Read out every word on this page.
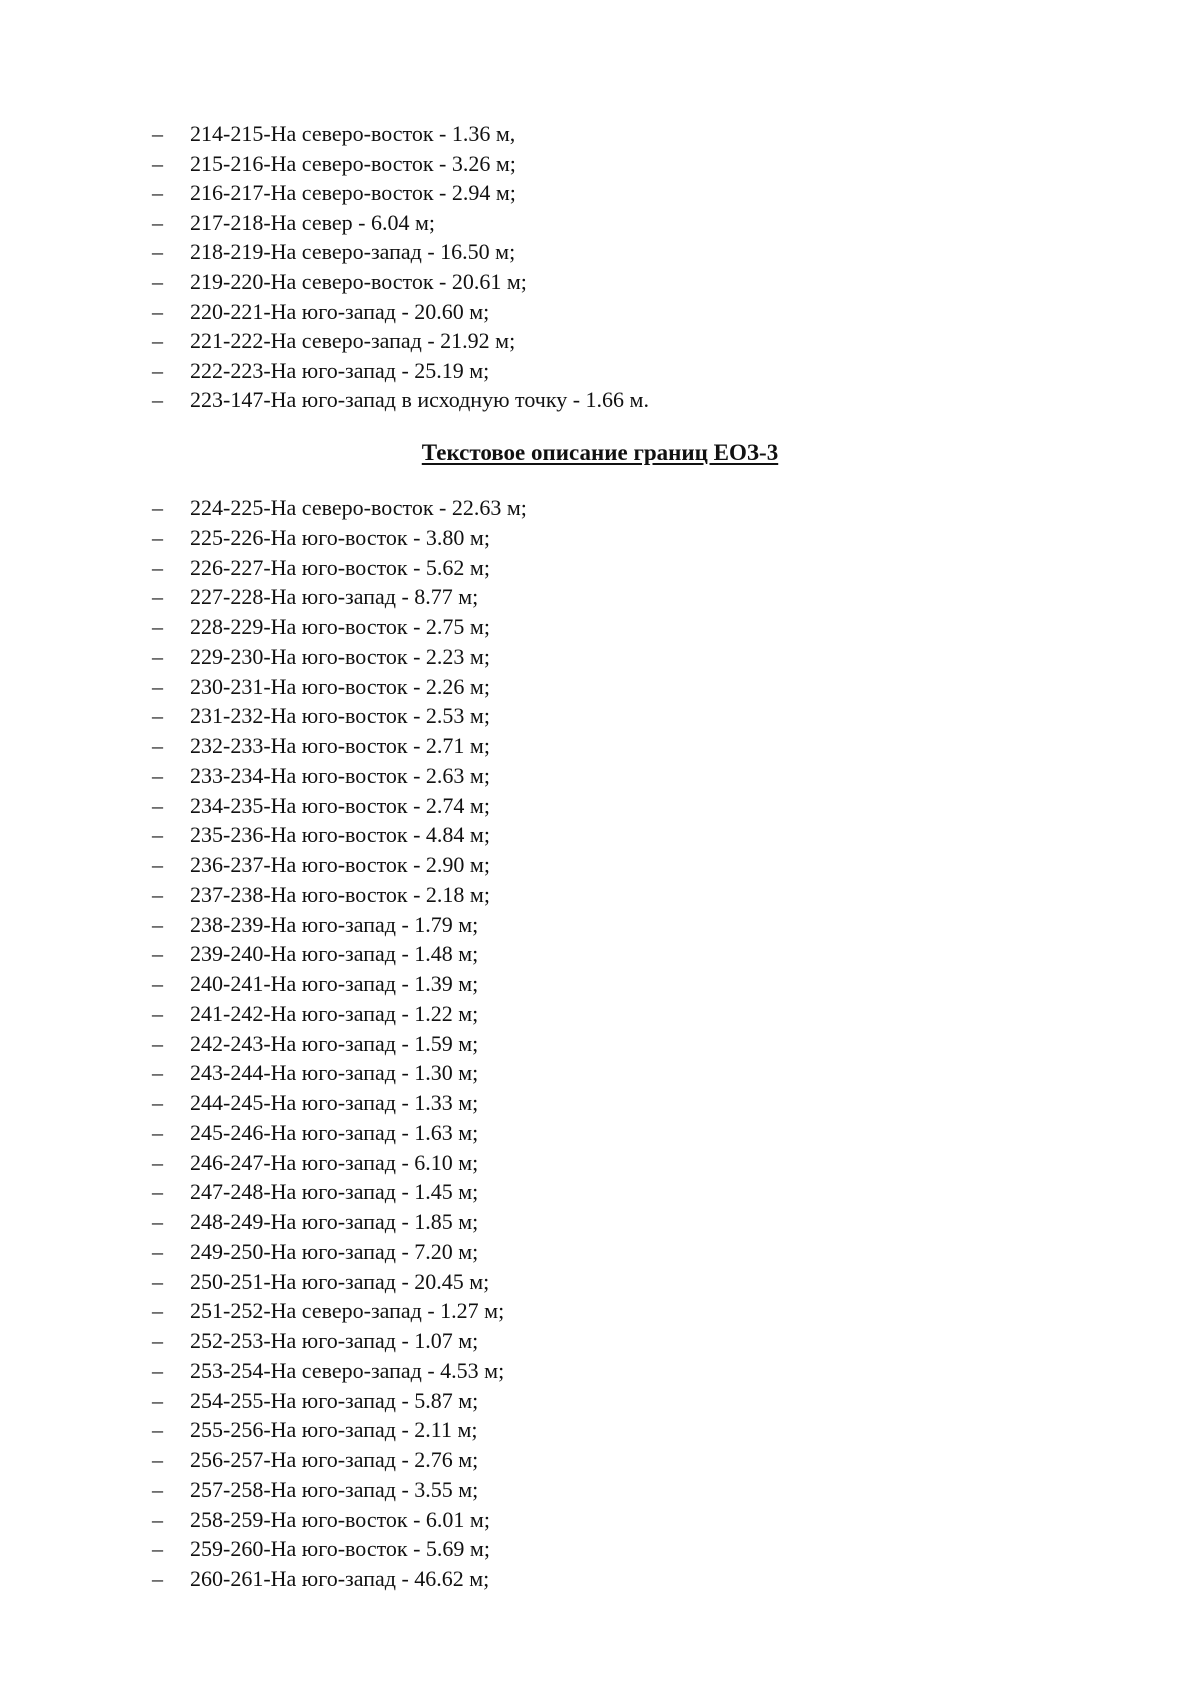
– 214-215-На северо-восток - 1.36 м,
– 215-216-На северо-восток - 3.26 м;
– 216-217-На северо-восток - 2.94 м;
– 217-218-На север - 6.04 м;
– 218-219-На северо-запад - 16.50 м;
– 219-220-На северо-восток - 20.61 м;
– 220-221-На юго-запад - 20.60 м;
– 221-222-На северо-запад - 21.92 м;
– 222-223-На юго-запад - 25.19 м;
– 223-147-На юго-запад в исходную точку - 1.66 м.
Текстовое описание границ ЕОЗ-3
– 224-225-На северо-восток - 22.63 м;
– 225-226-На юго-восток - 3.80 м;
– 226-227-На юго-восток - 5.62 м;
– 227-228-На юго-запад - 8.77 м;
– 228-229-На юго-восток - 2.75 м;
– 229-230-На юго-восток - 2.23 м;
– 230-231-На юго-восток - 2.26 м;
– 231-232-На юго-восток - 2.53 м;
– 232-233-На юго-восток - 2.71 м;
– 233-234-На юго-восток - 2.63 м;
– 234-235-На юго-восток - 2.74 м;
– 235-236-На юго-восток - 4.84 м;
– 236-237-На юго-восток - 2.90 м;
– 237-238-На юго-восток - 2.18 м;
– 238-239-На юго-запад - 1.79 м;
– 239-240-На юго-запад - 1.48 м;
– 240-241-На юго-запад - 1.39 м;
– 241-242-На юго-запад - 1.22 м;
– 242-243-На юго-запад - 1.59 м;
– 243-244-На юго-запад - 1.30 м;
– 244-245-На юго-запад - 1.33 м;
– 245-246-На юго-запад - 1.63 м;
– 246-247-На юго-запад - 6.10 м;
– 247-248-На юго-запад - 1.45 м;
– 248-249-На юго-запад - 1.85 м;
– 249-250-На юго-запад - 7.20 м;
– 250-251-На юго-запад - 20.45 м;
– 251-252-На северо-запад - 1.27 м;
– 252-253-На юго-запад - 1.07 м;
– 253-254-На северо-запад - 4.53 м;
– 254-255-На юго-запад - 5.87 м;
– 255-256-На юго-запад - 2.11 м;
– 256-257-На юго-запад - 2.76 м;
– 257-258-На юго-запад - 3.55 м;
– 258-259-На юго-восток - 6.01 м;
– 259-260-На юго-восток - 5.69 м;
– 260-261-На юго-запад - 46.62 м;
